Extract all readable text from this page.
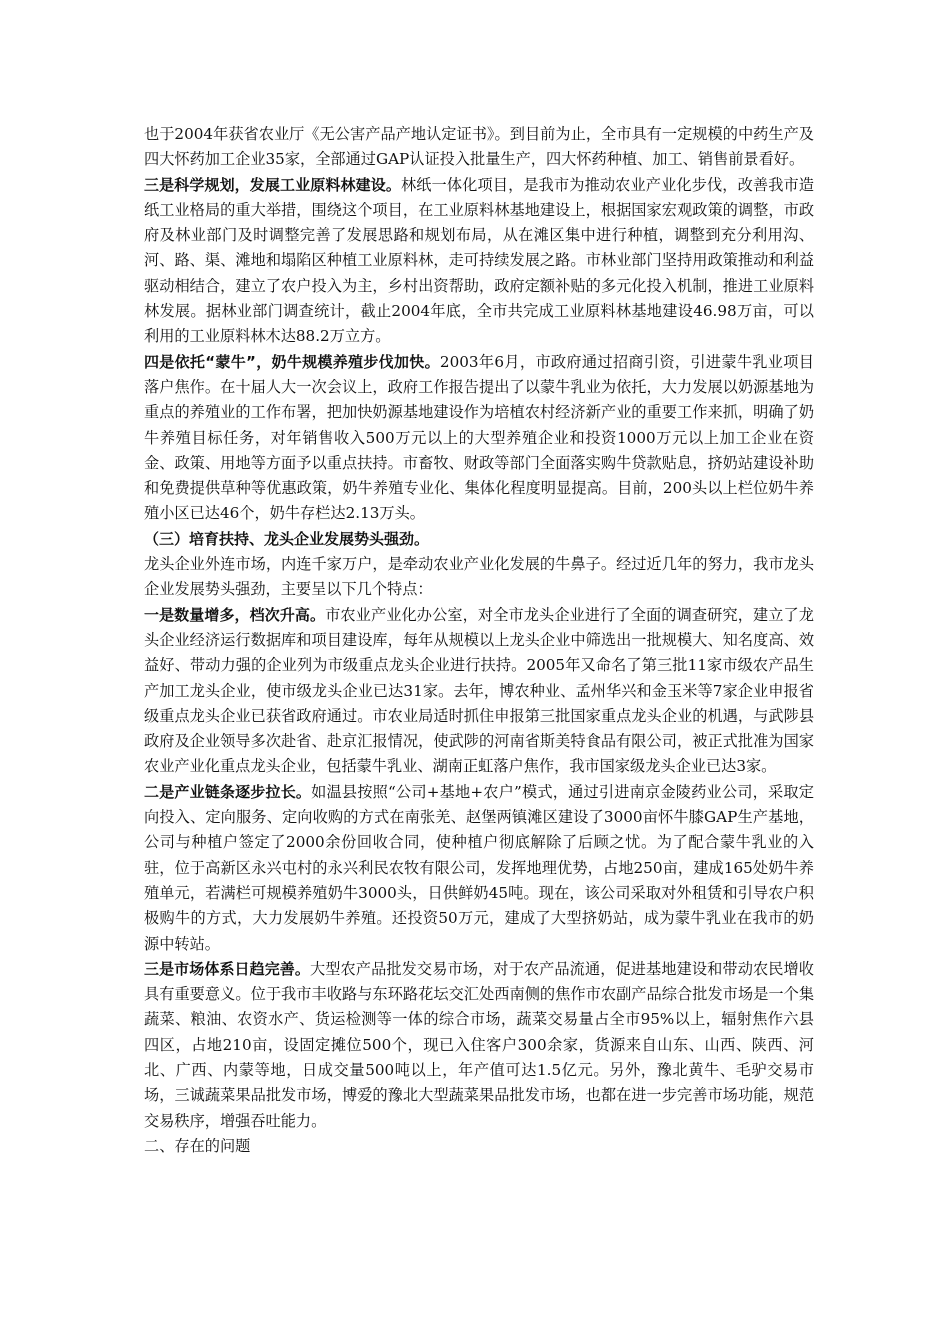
也于2004年获省农业厅《无公害产品产地认定证书》。到目前为止，全市具有一定规模的中药生产及四大怀药加工企业35家，全部通过GAP认证投入批量生产，四大怀药种植、加工、销售前景看好。

三是科学规划，发展工业原料林建设。林纸一体化项目，是我市为推动农业产业化步伐，改善我市造纸工业格局的重大举措，围绕这个项目，在工业原料林基地建设上，根据国家宏观政策的调整，市政府及林业部门及时调整完善了发展思路和规划布局，从在滩区集中进行种植，调整到充分利用沟、河、路、渠、滩地和塌陷区种植工业原料林，走可持续发展之路。市林业部门坚持用政策推动和利益驱动相结合，建立了农户投入为主，乡村出资帮助，政府定额补贴的多元化投入机制，推进工业原料林发展。据林业部门调查统计，截止2004年底，全市共完成工业原料林基地建设46.98万亩，可以利用的工业原料林木达88.2万立方。

四是依托“蒙牛”，奶牛规模养殖步伐加快。2003年6月，市政府通过招商引资，引进蒙牛乳业项目落户焦作。在十届人大一次会议上，政府工作报告提出了以蒙牛乳业为依托，大力发展以奶源基地为重点的养殖业的工作布署，把加快奶源基地建设作为培植农村经济新产业的重要工作来抓，明确了奶牛养殖目标任务，对年销售收入500万元以上的大型养殖企业和投资1000万元以上加工企业在资金、政策、用地等方面予以重点扶持。市畜牧、财政等部门全面落实购牛贷款贴息，挤奶站建设补助和免费提供草种等优惠政策，奶牛养殖专业化、集体化程度明显提高。目前，200头以上栏位奶牛养殖小区已达46个，奶牛存栏达2.13万头。

（三）培育扶持、龙头企业发展势头强劲。

龙头企业外连市场，内连千家万户，是牵动农业产业化发展的牛鼻子。经过近几年的努力，我市龙头企业发展势头强劲，主要呈以下几个特点：

一是数量增多，档次升高。市农业产业化办公室，对全市龙头企业进行了全面的调查研究，建立了龙头企业经济运行数据库和项目建设库，每年从规模以上龙头企业中筛选出一批规模大、知名度高、效益好、带动力强的企业列为市级重点龙头企业进行扶持。2005年又命名了第三批11家市级农产品生产加工龙头企业，使市级龙头企业已达31家。去年，博农种业、孟州华兴和金玉米等7家企业申报省级重点龙头企业已获省政府通过。市农业局适时抓住申报第三批国家重点龙头企业的机遇，与武陟县政府及企业领导多次赴省、赴京汇报情况，使武陟的河南省斯美特食品有限公司，被正式批准为国家农业产业化重点龙头企业，包括蒙牛乳业、湖南正虹落户焦作，我市国家级龙头企业已达3家。

二是产业链条逐步拉长。如温县按照“公司+基地+农户”模式，通过引进南京金陵药业公司，采取定向投入、定向服务、定向收购的方式在南张羌、赵堡两镇滩区建设了3000亩怀牛膝GAP生产基地，公司与种植户签定了2000余份回收合同，使种植户彻底解除了后顾之忧。为了配合蒙牛乳业的入驻，位于高新区永兴屯村的永兴利民农牧有限公司，发挥地理优势，占地250亩，建成165处奶牛养殖单元，若满栏可规模养殖奶牛3000头，日供鲜奶45吨。现在，该公司采取对外租赁和引导农户积极购牛的方式，大力发展奶牛养殖。还投资50万元，建成了大型挤奶站，成为蒙牛乳业在我市的奶源中转站。

三是市场体系日趋完善。大型农产品批发交易市场，对于农产品流通，促进基地建设和带动农民增收具有重要意义。位于我市丰收路与东环路花坛交汇处西南侧的焦作市农副产品综合批发市场是一个集蔬菜、粮油、农资水产、货运检测等一体的综合市场，蔬菜交易量占全市95%以上，辐射焦作六县四区，占地210亩，设固定摊位500个，现已入住客户300余家，货源来自山东、山西、陕西、河北、广西、内蒙等地，日成交量500吨以上，年产值可达1.5亿元。另外，豫北黄牛、毛驴交易市场，三诚蔬菜果品批发市场，博爱的豫北大型蔬菜果品批发市场，也都在进一步完善市场功能，规范交易秩序，增强吞吐能力。

二、存在的问题
